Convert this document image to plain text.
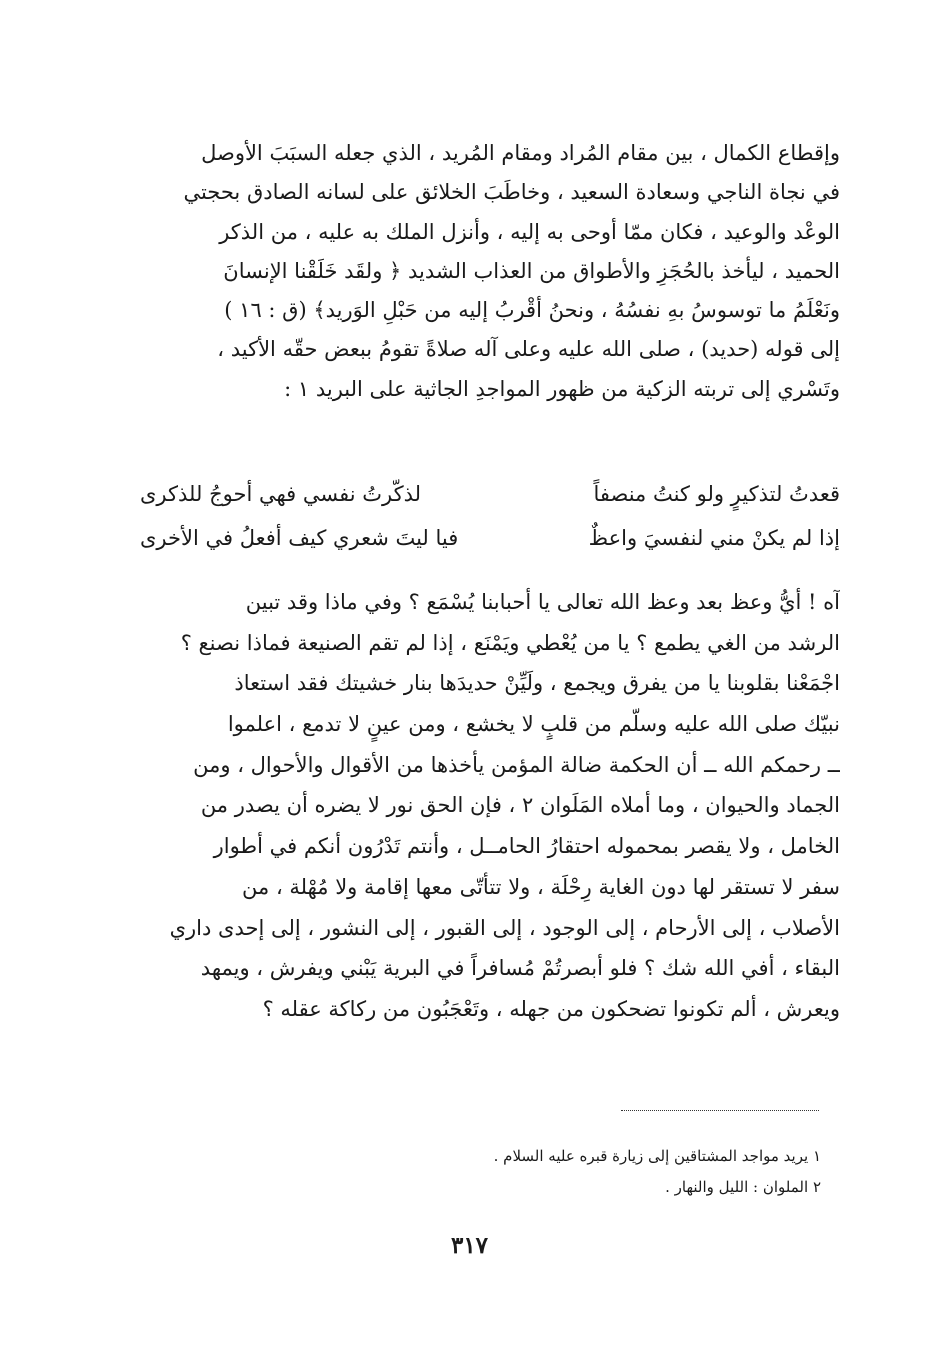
وإقطاع الكمال ، بين مقام المُراد ومقام المُريد ، الذي جعله السبَبَ الأوصل
في نجاة الناجي وسعادة السعيد ، وخاطَبَ الخلائق على لسانه الصادق بحجتي
الوعْد والوعيد ، فكان ممّا أوحى به إليه ، وأنزل الملك به عليه ، من الذكر
الحميد ، ليأخذ بالحُجَزِ والأطواق من العذاب الشديد ﴿ ولقَد خَلَقْنا الإنسانَ
ونَعْلَمُ ما توسوسُ بهِ نفسُهُ ، ونحنُ أقْربُ إليه من حَبْلِ الوَريد﴾ (ق : ١٦ )
إلى قوله (حديد) ، صلى الله عليه وعلى آله صلاةً تقومُ ببعض حقّه الأكيد ،
وتَسْري إلى تربته الزكية من ظهور المواجدِ الجاثية على البريد ١ :
قعدتُ لتذكيرٍ ولو كنتُ منصفاً
لذكّرتُ نفسي فهي أحوجُ للذكرى
إذا لم يكنْ مني لنفسيَ واعظٌ
فيا ليتَ شعري كيف أفعلُ في الأخرى
آه ! أيُّ وعظ بعد وعظ الله تعالى يا أحبابنا يُسْمَع ؟ وفي ماذا وقد تبين
الرشد من الغي يطمع ؟ يا من يُعْطي ويَمْنَع ، إذا لم تقم الصنيعة فماذا نصنع ؟
اجْمَعْنا بقلوبنا يا من يفرق ويجمع ، ولَيِّنْ حديدَها بنار خشيتك فقد استعاذ
نبيّك صلى الله عليه وسلّم من قلبٍ لا يخشع ، ومن عينٍ لا تدمع ، اعلموا
ــ رحمكم الله ــ أن الحكمة ضالة المؤمن يأخذها من الأقوال والأحوال ، ومن
الجماد والحيوان ، وما أملاه المَلَوان ٢ ، فإن الحق نور لا يضره أن يصدر من
الخامل ، ولا يقصر بمحموله احتقارُ الحامــل ، وأنتم تَدْرُون أنكم في أطوار
سفر لا تستقر لها دون الغاية رِحْلَة ، ولا تتأتّى معها إقامة ولا مُهْلة ، من
الأصلاب ، إلى الأرحام ، إلى الوجود ، إلى القبور ، إلى النشور ، إلى إحدى داري
البقاء ، أفي الله شك ؟ فلو أبصرتُمْ مُسافراً في البرية يَبْني ويفرش ، ويمهد
ويعرش ، ألم تكونوا تضحكون من جهله ، وتَعْجَبُون من ركاكة عقله ؟
١ يريد مواجد المشتاقين إلى زيارة قبره عليه السلام .
٢ الملوان : الليل والنهار .
٣١٧
